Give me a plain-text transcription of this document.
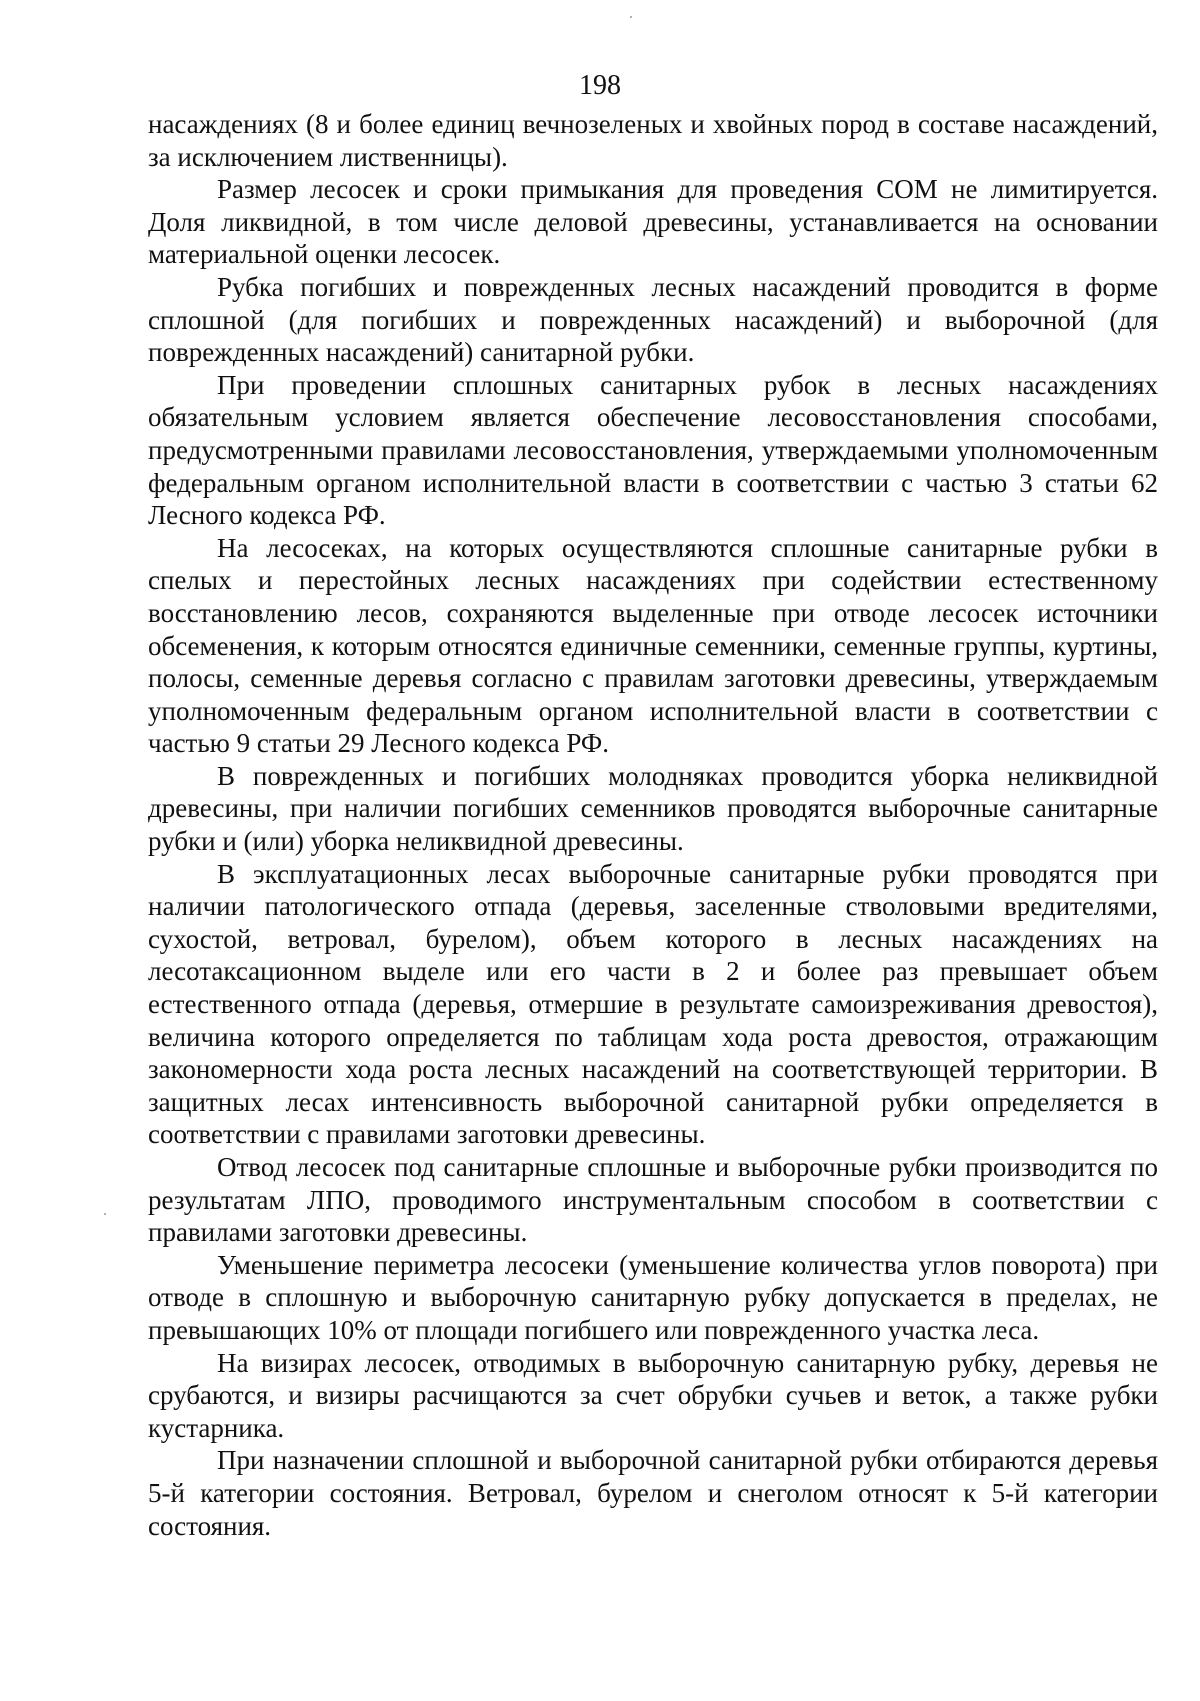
198

насаждениях (8 и более единиц вечнозеленых и хвойных пород в составе насаждений, за исключением лиственницы).

Размер лесосек и сроки примыкания для проведения СОМ не лимитируется. Доля ликвидной, в том числе деловой древесины, устанавливается на основании материальной оценки лесосек.

Рубка погибших и поврежденных лесных насаждений проводится в форме сплошной (для погибших и поврежденных насаждений) и выборочной (для поврежденных насаждений) санитарной рубки.

При проведении сплошных санитарных рубок в лесных насаждениях обязательным условием является обеспечение лесовосстановления способами, предусмотренными правилами лесовосстановления, утверждаемыми уполномоченным федеральным органом исполнительной власти в соответствии с частью 3 статьи 62 Лесного кодекса РФ.

На лесосеках, на которых осуществляются сплошные санитарные рубки в спелых и перестойных лесных насаждениях при содействии естественному восстановлению лесов, сохраняются выделенные при отводе лесосек источники обсеменения, к которым относятся единичные семенники, семенные группы, куртины, полосы, семенные деревья согласно с правилам заготовки древесины, утверждаемым уполномоченным федеральным органом исполнительной власти в соответствии с частью 9 статьи 29 Лесного кодекса РФ.

В поврежденных и погибших молодняках проводится уборка неликвидной древесины, при наличии погибших семенников проводятся выборочные санитарные рубки и (или) уборка неликвидной древесины.

В эксплуатационных лесах выборочные санитарные рубки проводятся при наличии патологического отпада (деревья, заселенные стволовыми вредителями, сухостой, ветровал, бурелом), объем которого в лесных насаждениях на лесотаксационном выделе или его части в 2 и более раз превышает объем естественного отпада (деревья, отмершие в результате самоизреживания древостоя), величина которого определяется по таблицам хода роста древостоя, отражающим закономерности хода роста лесных насаждений на соответствующей территории. В защитных лесах интенсивность выборочной санитарной рубки определяется в соответствии с правилами заготовки древесины.

Отвод лесосек под санитарные сплошные и выборочные рубки производится по результатам ЛПО, проводимого инструментальным способом в соответствии с правилами заготовки древесины.

Уменьшение периметра лесосеки (уменьшение количества углов поворота) при отводе в сплошную и выборочную санитарную рубку допускается в пределах, не превышающих 10% от площади погибшего или поврежденного участка леса.

На визирах лесосек, отводимых в выборочную санитарную рубку, деревья не срубаются, и визиры расчищаются за счет обрубки сучьев и веток, а также рубки кустарника.

При назначении сплошной и выборочной санитарной рубки отбираются деревья 5-й категории состояния. Ветровал, бурелом и снеголом относят к 5-й категории состояния.
